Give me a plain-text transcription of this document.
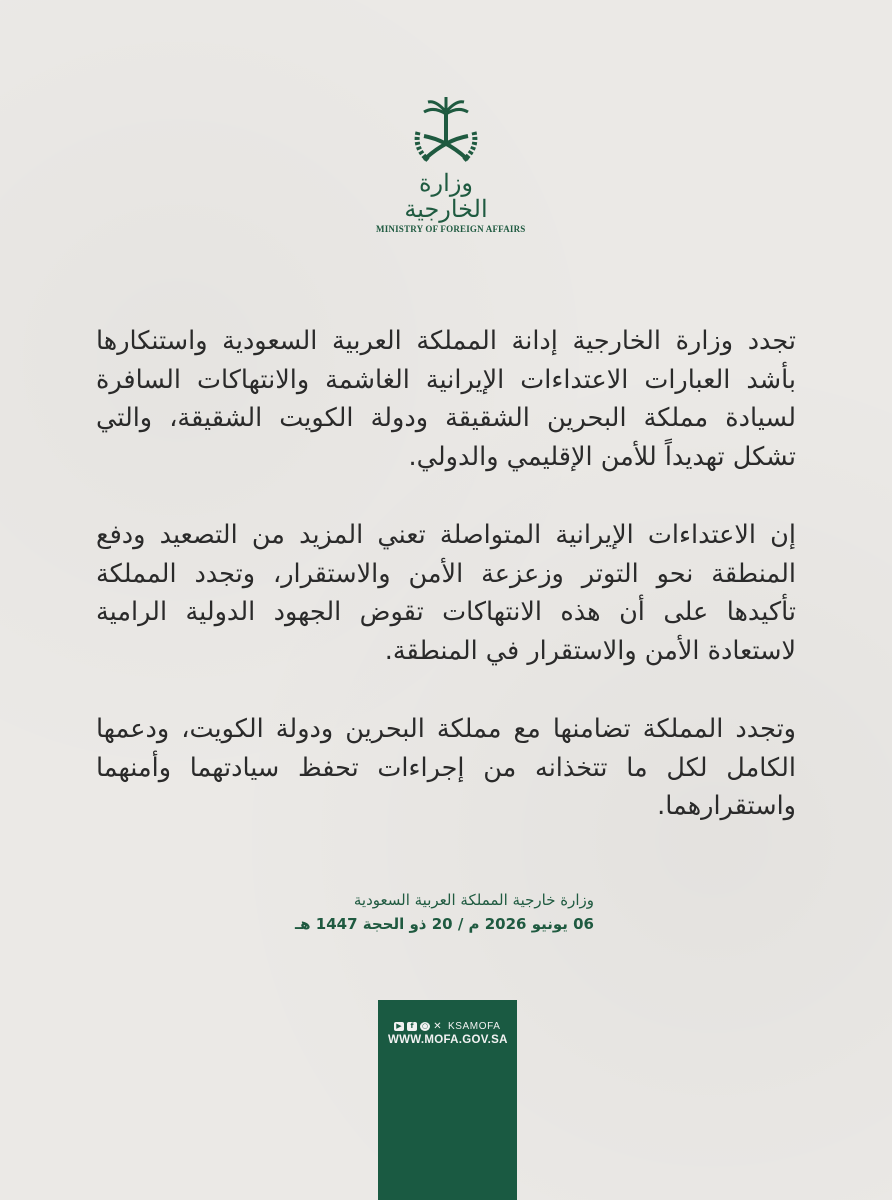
وزارة الخارجية
MINISTRY OF FOREIGN AFFAIRS

تجدد وزارة الخارجية إدانة المملكة العربية السعودية واستنكارها بأشد العبارات الاعتداءات الإيرانية الغاشمة والانتهاكات السافرة لسيادة مملكة البحرين الشقيقة ودولة الكويت الشقيقة، والتي تشكل تهديداً للأمن الإقليمي والدولي.

إن الاعتداءات الإيرانية المتواصلة تعني المزيد من التصعيد ودفع المنطقة نحو التوتر وزعزعة الأمن والاستقرار، وتجدد المملكة تأكيدها على أن هذه الانتهاكات تقوض الجهود الدولية الرامية لاستعادة الأمن والاستقرار في المنطقة.

وتجدد المملكة تضامنها مع مملكة البحرين ودولة الكويت، ودعمها الكامل لكل ما تتخذانه من إجراءات تحفظ سيادتهما وأمنهما واستقرارهما.

وزارة خارجية المملكة العربية السعودية
06 يونيو 2026 م / 20 ذو الحجة 1447 هـ
▶	f	○ ✕ KSAMOFA
WWW.MOFA.GOV.SA
